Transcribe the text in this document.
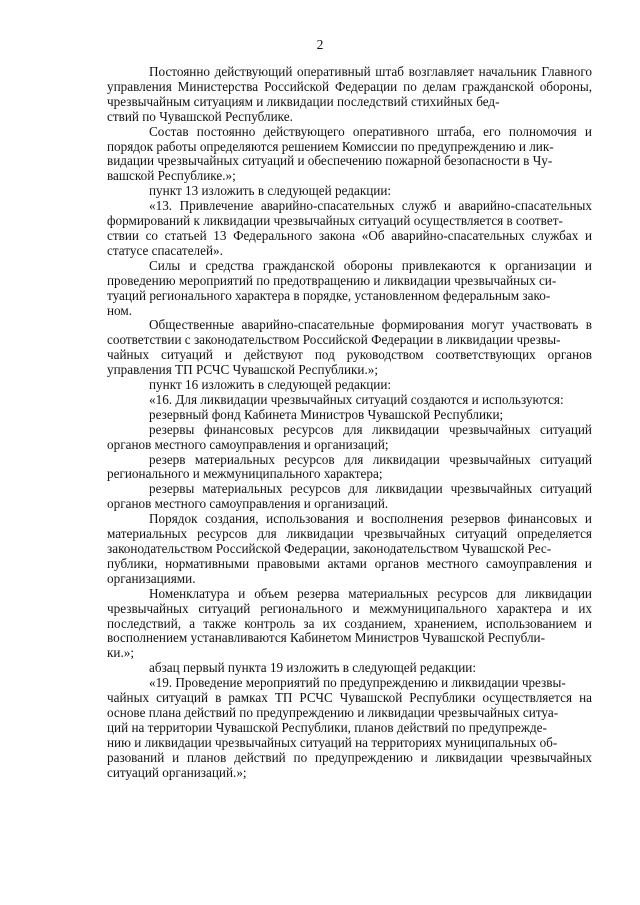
2

Постоянно действующий оперативный штаб возглавляет начальник Главного управления Министерства Российской Федерации по делам гражданской обороны, чрезвычайным ситуациям и ликвидации последствий стихийных бед-
ствий по Чувашской Республике.

Состав постоянно действующего оперативного штаба, его полномочия и порядок работы определяются решением Комиссии по предупреждению и лик-
видации чрезвычайных ситуаций и обеспечению пожарной безопасности в Чу-
вашской Республике.»;

пункт 13 изложить в следующей редакции:

«13. Привлечение аварийно-спасательных служб и аварийно-спасательных формирований к ликвидации чрезвычайных ситуаций осуществляется в соответ-
ствии со статьей 13 Федерального закона «Об аварийно-спасательных службах и статусе спасателей».

Силы и средства гражданской обороны привлекаются к организации и проведению мероприятий по предотвращению и ликвидации чрезвычайных си-
туаций регионального характера в порядке, установленном федеральным зако-
ном.

Общественные аварийно-спасательные формирования могут участвовать в соответствии с законодательством Российской Федерации в ликвидации чрезвы-
чайных ситуаций и действуют под руководством соответствующих органов управления ТП РСЧС Чувашской Республики.»;

пункт 16 изложить в следующей редакции:

«16. Для ликвидации чрезвычайных ситуаций создаются и используются:

резервный фонд Кабинета Министров Чувашской Республики;

резервы финансовых ресурсов для ликвидации чрезвычайных ситуаций органов местного самоуправления и организаций;

резерв материальных ресурсов для ликвидации чрезвычайных ситуаций регионального и межмуниципального характера;

резервы материальных ресурсов для ликвидации чрезвычайных ситуаций органов местного самоуправления и организаций.

Порядок создания, использования и восполнения резервов финансовых и материальных ресурсов для ликвидации чрезвычайных ситуаций определяется законодательством Российской Федерации, законодательством Чувашской Рес-
публики, нормативными правовыми актами органов местного самоуправления и организациями.

Номенклатура и объем резерва материальных ресурсов для ликвидации чрезвычайных ситуаций регионального и межмуниципального характера и их последствий, а также контроль за их созданием, хранением, использованием и восполнением устанавливаются Кабинетом Министров Чувашской Республи-
ки.»;

абзац первый пункта 19 изложить в следующей редакции:

«19. Проведение мероприятий по предупреждению и ликвидации чрезвы-
чайных ситуаций в рамках ТП РСЧС Чувашской Республики осуществляется на основе плана действий по предупреждению и ликвидации чрезвычайных ситуа-
ций на территории Чувашской Республики, планов действий по предупрежде-
нию и ликвидации чрезвычайных ситуаций на территориях муниципальных об-
разований и планов действий по предупреждению и ликвидации чрезвычайных ситуаций организаций.»;
